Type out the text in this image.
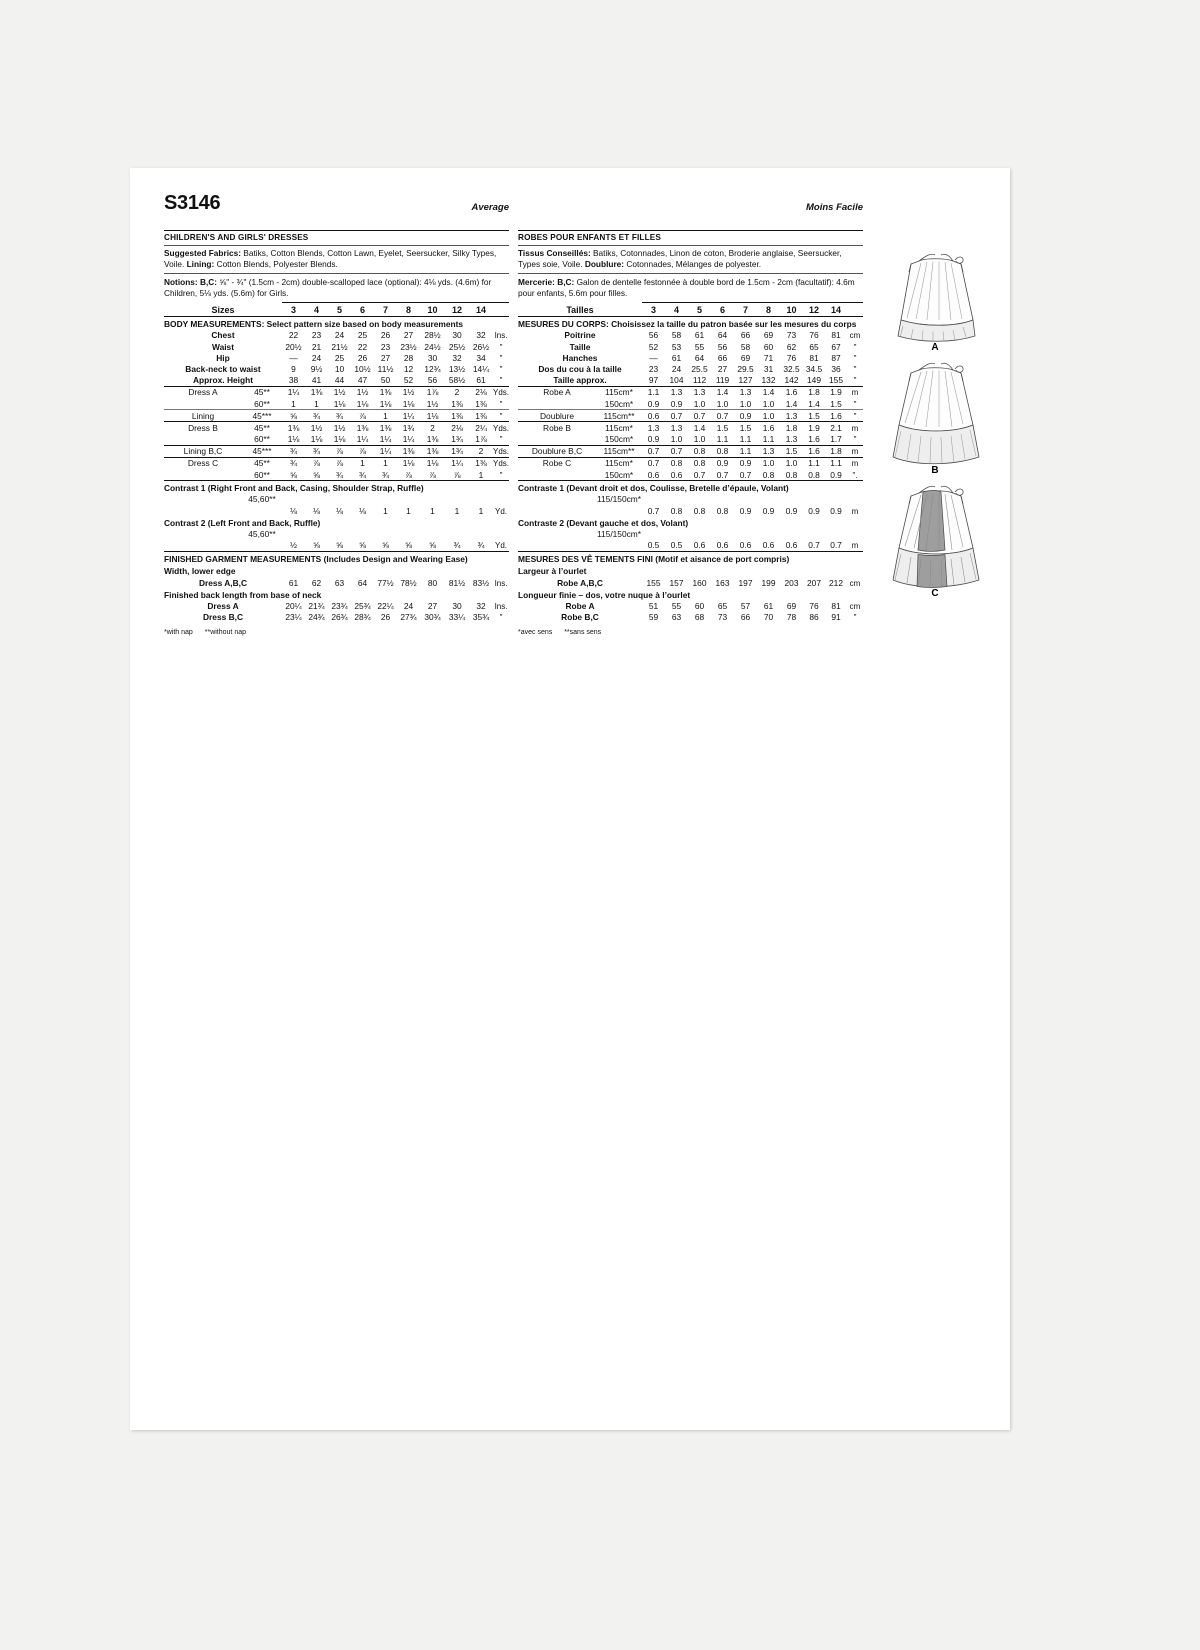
S3146	Average
CHILDREN'S AND GIRLS' DRESSES
Suggested Fabrics: Batiks, Cotton Blends, Cotton Lawn, Eyelet, Seersucker, Silky Types, Voile. Lining: Cotton Blends, Polyester Blends.
Notions: B,C: ⅝" - ¾" (1.5cm - 2cm) double-scalloped lace (optional): 4⅛ yds. (4.6m) for Children, 5⅛ yds. (5.6m) for Girls.
Sizes		3	4	5	6	7	8	10	12	14	
BODY MEASUREMENTS: Select pattern size based on body measurements											
Chest		22	23	24	25	26	27	28½	30	32	Ins.
Waist		20½	21	21½	22	23	23½	24½	25½	26½	"
Hip		—	24	25	26	27	28	30	32	34	"
Back-neck to waist		9	9½	10	10½	11½	12	12¾	13½	14¼	"
Approx. Height		38	41	44	47	50	52	56	58½	61	"
Dress A	45**	1¼	1⅜	1½	1½	1⅜	1½	1⅞	2	2⅛	Yds.
	60**	1	1	1⅛	1⅛	1⅛	1⅛	1½	1⅜	1⅜	"
Lining	45***	⅝	¾	¾	⅞	1	1¼	1⅛	1⅜	1⅜	"
Dress B	45**	1⅜	1½	1½	1⅜	1⅜	1¾	2	2⅛	2¼	Yds.
	60**	1⅛	1⅛	1⅛	1¼	1¼	1¼	1⅜	1¾	1⅞	"
Lining B,C	45***	¾	¾	⅞	⅞	1¼	1⅜	1⅜	1¾	2	Yds.
Dress C	45**	¾	⅞	⅞	1	1	1⅛	1⅛	1¼	1⅜	Yds.
	60**	⅝	⅝	¾	¾	¾	⅞	⅞	⅞	1	"
Contrast 1 (Right Front and Back, Casing, Shoulder Strap, Ruffle)											
	45,60**										
		⅛	⅛	⅛	⅛	1	1	1	1	1	Yd.
Contrast 2 (Left Front and Back, Ruffle)											
	45,60**										
		½	⅝	⅝	⅝	⅝	⅝	⅝	¾	¾	Yd.
FINISHED GARMENT MEASUREMENTS (Includes Design and Wearing Ease)											
Width, lower edge											
Dress A,B,C		61	62	63	64	77½	78½	80	81½	83½	Ins.
Finished back length from base of neck											
Dress A		20¼	21¾	23¾	25¾	22¼	24	27	30	32	Ins.
Dress B,C		23¼	24¾	26¾	28¾	26	27¾	30¾	33¼	35¾	"
*with nap **without nap
Moins Facile
ROBES POUR ENFANTS ET FILLES
Tissus Conseillés: Batiks, Cotonnades, Linon de coton, Broderie anglaise, Seersucker, Types soie, Voile. Doublure: Cotonnades, Mélanges de polyester.
Mercerie: B,C: Galon de dentelle festonnée à double bord de 1.5cm - 2cm (facultatif): 4.6m pour enfants, 5.6m pour filles.
Tailles		3	4	5	6	7	8	10	12	14	
MESURES DU CORPS: Choisissez la taille du patron basée sur les mesures du corps											
Poitrine		56	58	61	64	66	69	73	76	81	cm
Taille		52	53	55	56	58	60	62	65	67	"
Hanches		—	61	64	66	69	71	76	81	87	"
Dos du cou à la taille		23	24	25.5	27	29.5	31	32.5	34.5	36	"
Taille approx.		97	104	112	119	127	132	142	149	155	"
Robe A	115cm*	1.1	1.3	1.3	1.4	1.3	1.4	1.6	1.8	1.9	m
	150cm*	0.9	0.9	1.0	1.0	1.0	1.0	1.4	1.4	1.5	"
Doublure	115cm**	0.6	0.7	0.7	0.7	0.9	1.0	1.3	1.5	1.6	"
Robe B	115cm*	1.3	1.3	1.4	1.5	1.5	1.6	1.8	1.9	2.1	m
	150cm*	0.9	1.0	1.0	1.1	1.1	1.1	1.3	1.6	1.7	"
Doublure B,C	115cm**	0.7	0.7	0.8	0.8	1.1	1.3	1.5	1.6	1.8	m
Robe C	115cm*	0.7	0.8	0.8	0.9	0.9	1.0	1.0	1.1	1.1	m
	150cm*	0.6	0.6	0.7	0.7	0.7	0.8	0.8	0.8	0.9	".
Contraste 1 (Devant droit et dos, Coulisse, Bretelle d’épaule, Volant)											
	115/150cm*										
		0.7	0.8	0.8	0.8	0.9	0.9	0.9	0.9	0.9	m
Contraste 2 (Devant gauche et dos, Volant)											
	115/150cm*										
		0.5	0.5	0.6	0.6	0.6	0.6	0.6	0.7	0.7	m
MESURES DES VÊ TEMENTS FINI (Motif et aisance de port compris)											
Largeur à l’ourlet											
Robe A,B,C		155	157	160	163	197	199	203	207	212	cm
Longueur finie – dos, votre nuque à l’ourlet											
Robe A		51	55	60	65	57	61	69	76	81	cm
Robe B,C		59	63	68	73	66	70	78	86	91	"
*avec sens **sans sens
A
B
C
